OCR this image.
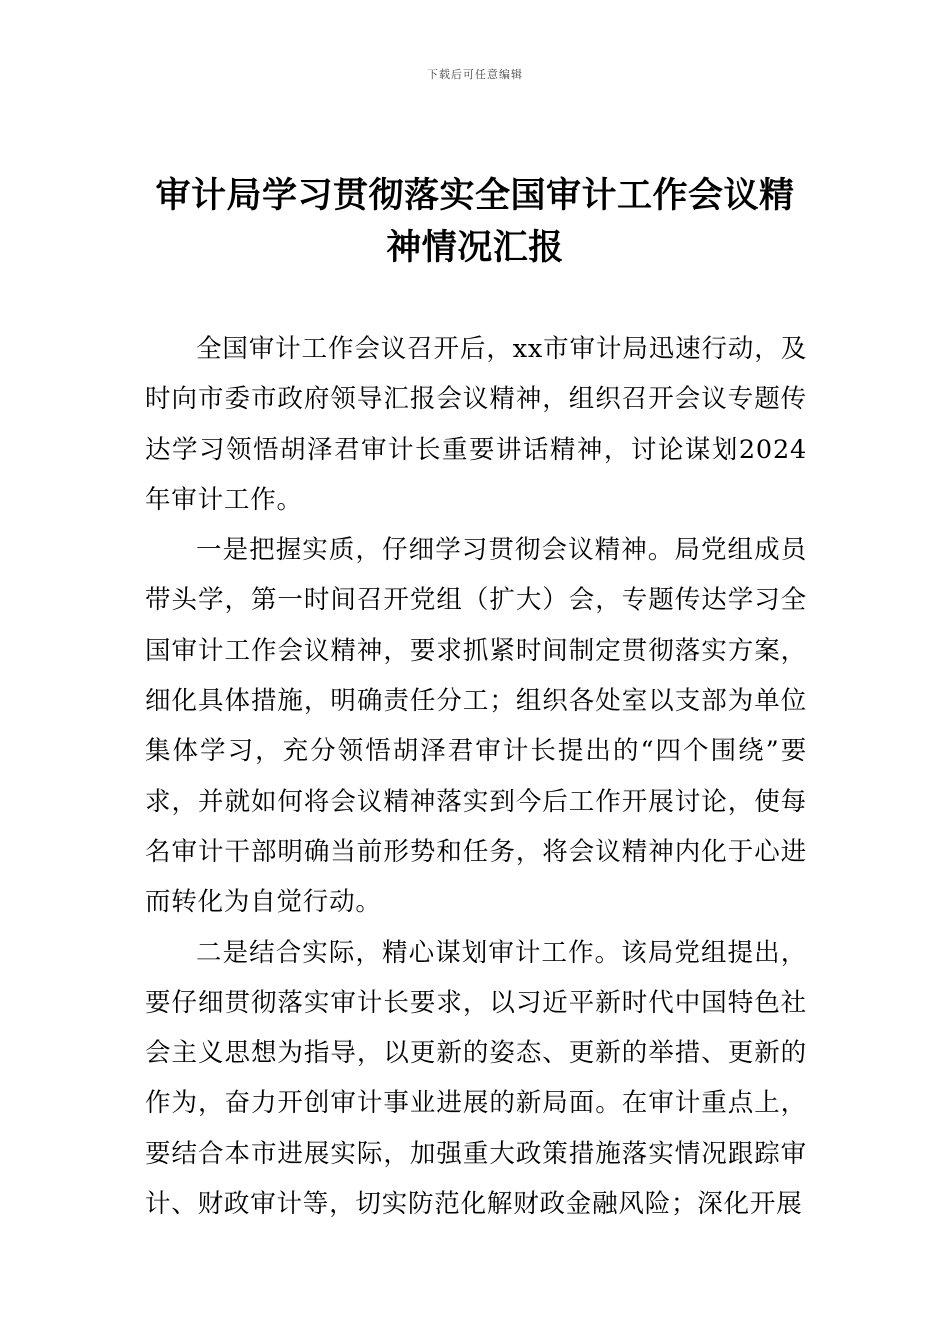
下载后可任意编辑
审计局学习贯彻落实全国审计工作会议精神情况汇报

全国审计工作会议召开后，xx市审计局迅速行动，及时向市委市政府领导汇报会议精神，组织召开会议专题传达学习领悟胡泽君审计长重要讲话精神，讨论谋划2024年审计工作。

一是把握实质，仔细学习贯彻会议精神。局党组成员带头学，第一时间召开党组（扩大）会，专题传达学习全国审计工作会议精神，要求抓紧时间制定贯彻落实方案，细化具体措施，明确责任分工；组织各处室以支部为单位集体学习，充分领悟胡泽君审计长提出的“四个围绕”要求，并就如何将会议精神落实到今后工作开展讨论，使每名审计干部明确当前形势和任务，将会议精神内化于心进而转化为自觉行动。

二是结合实际，精心谋划审计工作。该局党组提出，要仔细贯彻落实审计长要求，以习近平新时代中国特色社会主义思想为指导，以更新的姿态、更新的举措、更新的作为，奋力开创审计事业进展的新局面。在审计重点上，要结合本市进展实际，加强重大政策措施落实情况跟踪审计、财政审计等，切实防范化解财政金融风险；深化开展
